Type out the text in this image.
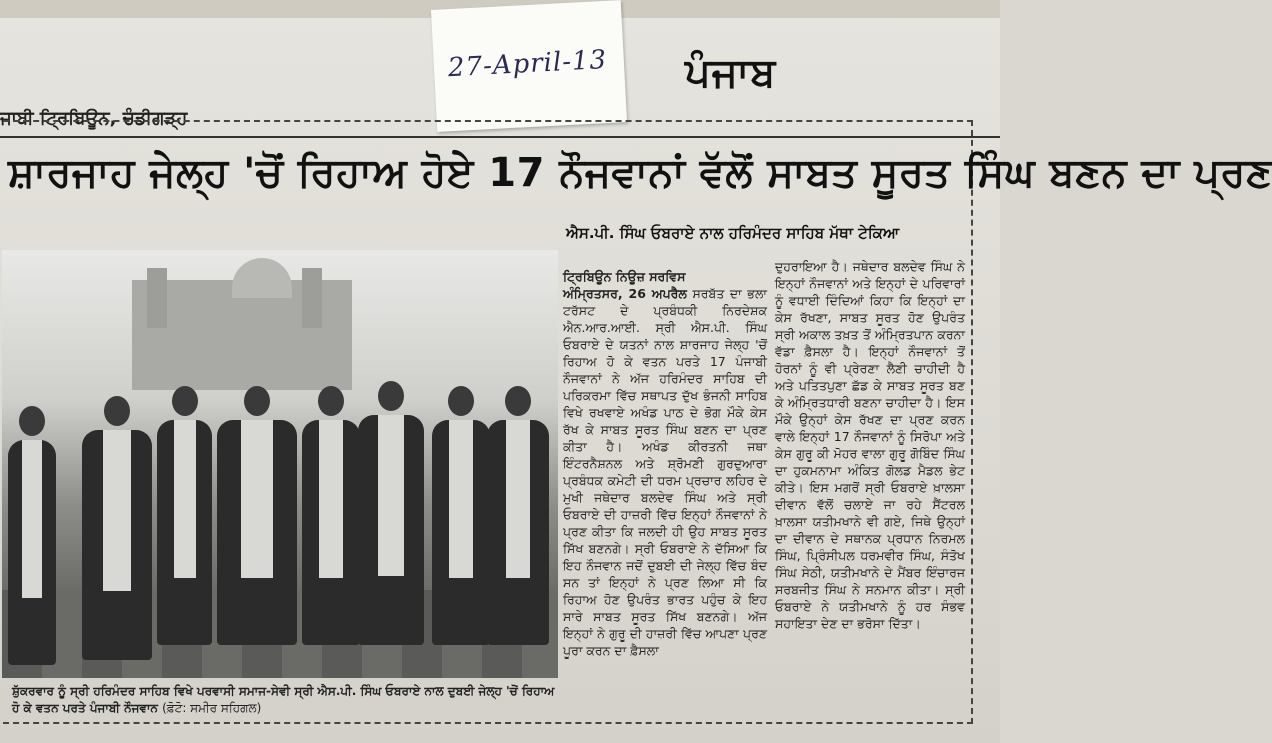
27-April-13 ਪੰਜਾਬ
ਜਾਬੀ ਟ੍ਰਿਬਿਊਨ, ਚੰਡੀਗੜ੍ਹ
ਸ਼ਾਰਜਾਹ ਜੇਲ੍ਹ 'ਚੋਂ ਰਿਹਾਅ ਹੋਏ 17 ਨੌਜਵਾਨਾਂ ਵੱਲੋਂ ਸਾਬਤ ਸੂਰਤ ਸਿੰਘ ਬਣਨ ਦਾ ਪ੍ਰਣ
ਸ਼ੁੱਕਰਵਾਰ ਨੂੰ ਸ੍ਰੀ ਹਰਿਮੰਦਰ ਸਾਹਿਬ ਵਿਖੇ ਪਰਵਾਸੀ ਸਮਾਜ-ਸੇਵੀ ਸ੍ਰੀ ਐਸ.ਪੀ. ਸਿੰਘ ਓਬਰਾਏ ਨਾਲ ਦੁਬਈ ਜੇਲ੍ਹ 'ਚੋਂ ਰਿਹਾਅ ਹੋ ਕੇ ਵਤਨ ਪਰਤੇ ਪੰਜਾਬੀ ਨੌਜਵਾਨ (ਫ਼ੋਟੋ: ਸਮੀਰ ਸਹਿਗਲ)
ਐਸ.ਪੀ. ਸਿੰਘ ਓਬਰਾਏ ਨਾਲ ਹਰਿਮੰਦਰ ਸਾਹਿਬ ਮੱਥਾ ਟੇਕਿਆ
ਟ੍ਰਿਬਿਊਨ ਨਿਊਜ਼ ਸਰਵਿਸ
ਅੰਮ੍ਰਿਤਸਰ, 26 ਅਪਰੈਲ ਸਰਬੱਤ ਦਾ ਭਲਾ ਟਰੱਸਟ ਦੇ ਪ੍ਰਬੰਧਕੀ ਨਿਰਦੇਸ਼ਕ ਐਨ.ਆਰ.ਆਈ. ਸ੍ਰੀ ਐਸ.ਪੀ. ਸਿੰਘ ਓਬਰਾਏ ਦੇ ਯਤਨਾਂ ਨਾਲ ਸ਼ਾਰਜਾਹ ਜੇਲ੍ਹ 'ਚੋਂ ਰਿਹਾਅ ਹੋ ਕੇ ਵਤਨ ਪਰਤੇ 17 ਪੰਜਾਬੀ ਨੌਜਵਾਨਾਂ ਨੇ ਅੱਜ ਹਰਿਮੰਦਰ ਸਾਹਿਬ ਦੀ ਪਰਿਕਰਮਾ ਵਿੱਚ ਸਥਾਪਤ ਦੁੱਖ ਭੰਜਨੀ ਸਾਹਿਬ ਵਿਖੇ ਰਖਵਾਏ ਅਖੰਡ ਪਾਠ ਦੇ ਭੋਗ ਮੌਕੇ ਕੇਸ ਰੱਖ ਕੇ ਸਾਬਤ ਸੂਰਤ ਸਿੰਘ ਬਣਨ ਦਾ ਪ੍ਰਣ ਕੀਤਾ ਹੈ। ਅਖੰਡ ਕੀਰਤਨੀ ਜਥਾ ਇੰਟਰਨੈਸ਼ਨਲ ਅਤੇ ਸ਼੍ਰੋਮਣੀ ਗੁਰਦੁਆਰਾ ਪ੍ਰਬੰਧਕ ਕਮੇਟੀ ਦੀ ਧਰਮ ਪ੍ਰਚਾਰ ਲਹਿਰ ਦੇ ਮੁਖੀ ਜਥੇਦਾਰ ਬਲਦੇਵ ਸਿੰਘ ਅਤੇ ਸ੍ਰੀ ਓਬਰਾਏ ਦੀ ਹਾਜ਼ਰੀ ਵਿੱਚ ਇਨ੍ਹਾਂ ਨੌਜਵਾਨਾਂ ਨੇ ਪ੍ਰਣ ਕੀਤਾ ਕਿ ਜਲਦੀ ਹੀ ਉਹ ਸਾਬਤ ਸੂਰਤ ਸਿੱਖ ਬਣਨਗੇ। ਸ੍ਰੀ ਓਬਰਾਏ ਨੇ ਦੱਸਿਆ ਕਿ ਇਹ ਨੌਜਵਾਨ ਜਦੋਂ ਦੁਬਈ ਦੀ ਜੇਲ੍ਹ ਵਿੱਚ ਬੰਦ ਸਨ ਤਾਂ ਇਨ੍ਹਾਂ ਨੇ ਪ੍ਰਣ ਲਿਆ ਸੀ ਕਿ ਰਿਹਾਅ ਹੋਣ ਉਪਰੰਤ ਭਾਰਤ ਪਹੁੰਚ ਕੇ ਇਹ ਸਾਰੇ ਸਾਬਤ ਸੂਰਤ ਸਿੱਖ ਬਣਨਗੇ। ਅੱਜ ਇਨ੍ਹਾਂ ਨੇ ਗੁਰੂ ਦੀ ਹਾਜ਼ਰੀ ਵਿੱਚ ਆਪਣਾ ਪ੍ਰਣ ਪੂਰਾ ਕਰਨ ਦਾ ਫ਼ੈਸਲਾ
ਦੁਹਰਾਇਆ ਹੈ। ਜਥੇਦਾਰ ਬਲਦੇਵ ਸਿੰਘ ਨੇ ਇਨ੍ਹਾਂ ਨੌਜਵਾਨਾਂ ਅਤੇ ਇਨ੍ਹਾਂ ਦੇ ਪਰਿਵਾਰਾਂ ਨੂੰ ਵਧਾਈ ਦਿੰਦਿਆਂ ਕਿਹਾ ਕਿ ਇਨ੍ਹਾਂ ਦਾ ਕੇਸ ਰੱਖਣਾ, ਸਾਬਤ ਸੂਰਤ ਹੋਣ ਉਪਰੰਤ ਸ੍ਰੀ ਅਕਾਲ ਤਖ਼ਤ ਤੋਂ ਅੰਮ੍ਰਿਤਪਾਨ ਕਰਨਾ ਵੱਡਾ ਫ਼ੈਸਲਾ ਹੈ। ਇਨ੍ਹਾਂ ਨੌਜਵਾਨਾਂ ਤੋਂ ਹੋਰਨਾਂ ਨੂੰ ਵੀ ਪ੍ਰੇਰਣਾ ਲੈਣੀ ਚਾਹੀਦੀ ਹੈ ਅਤੇ ਪਤਿਤਪੁਣਾ ਛੱਡ ਕੇ ਸਾਬਤ ਸੂਰਤ ਬਣ ਕੇ ਅੰਮ੍ਰਿਤਧਾਰੀ ਬਣਨਾ ਚਾਹੀਦਾ ਹੈ। ਇਸ ਮੌਕੇ ਉਨ੍ਹਾਂ ਕੇਸ ਰੱਖਣ ਦਾ ਪ੍ਰਣ ਕਰਨ ਵਾਲੇ ਇਨ੍ਹਾਂ 17 ਨੌਜਵਾਨਾਂ ਨੂੰ ਸਿਰੋਪਾ ਅਤੇ ਕੇਸ ਗੁਰੂ ਕੀ ਮੋਹਰ ਵਾਲਾ ਗੁਰੂ ਗੋਬਿੰਦ ਸਿੰਘ ਦਾ ਹੁਕਮਨਾਮਾ ਅੰਕਿਤ ਗੋਲਡ ਮੈਡਲ ਭੇਟ ਕੀਤੇ। ਇਸ ਮਗਰੋਂ ਸ੍ਰੀ ਓਬਰਾਏ ਖ਼ਾਲਸਾ ਦੀਵਾਨ ਵੱਲੋਂ ਚਲਾਏ ਜਾ ਰਹੇ ਸੈਂਟਰਲ ਖ਼ਾਲਸਾ ਯਤੀਮਖਾਨੇ ਵੀ ਗਏ, ਜਿਥੇ ਉਨ੍ਹਾਂ ਦਾ ਦੀਵਾਨ ਦੇ ਸਥਾਨਕ ਪ੍ਰਧਾਨ ਨਿਰਮਲ ਸਿੰਘ, ਪ੍ਰਿੰਸੀਪਲ ਧਰਮਵੀਰ ਸਿੰਘ, ਸੰਤੋਖ ਸਿੰਘ ਸੇਠੀ, ਯਤੀਮਖਾਨੇ ਦੇ ਮੈਂਬਰ ਇੰਚਾਰਜ ਸਰਬਜੀਤ ਸਿੰਘ ਨੇ ਸਨਮਾਨ ਕੀਤਾ। ਸ੍ਰੀ ਓਬਰਾਏ ਨੇ ਯਤੀਮਖਾਨੇ ਨੂੰ ਹਰ ਸੰਭਵ ਸਹਾਇਤਾ ਦੇਣ ਦਾ ਭਰੋਸਾ ਦਿੱਤਾ।
